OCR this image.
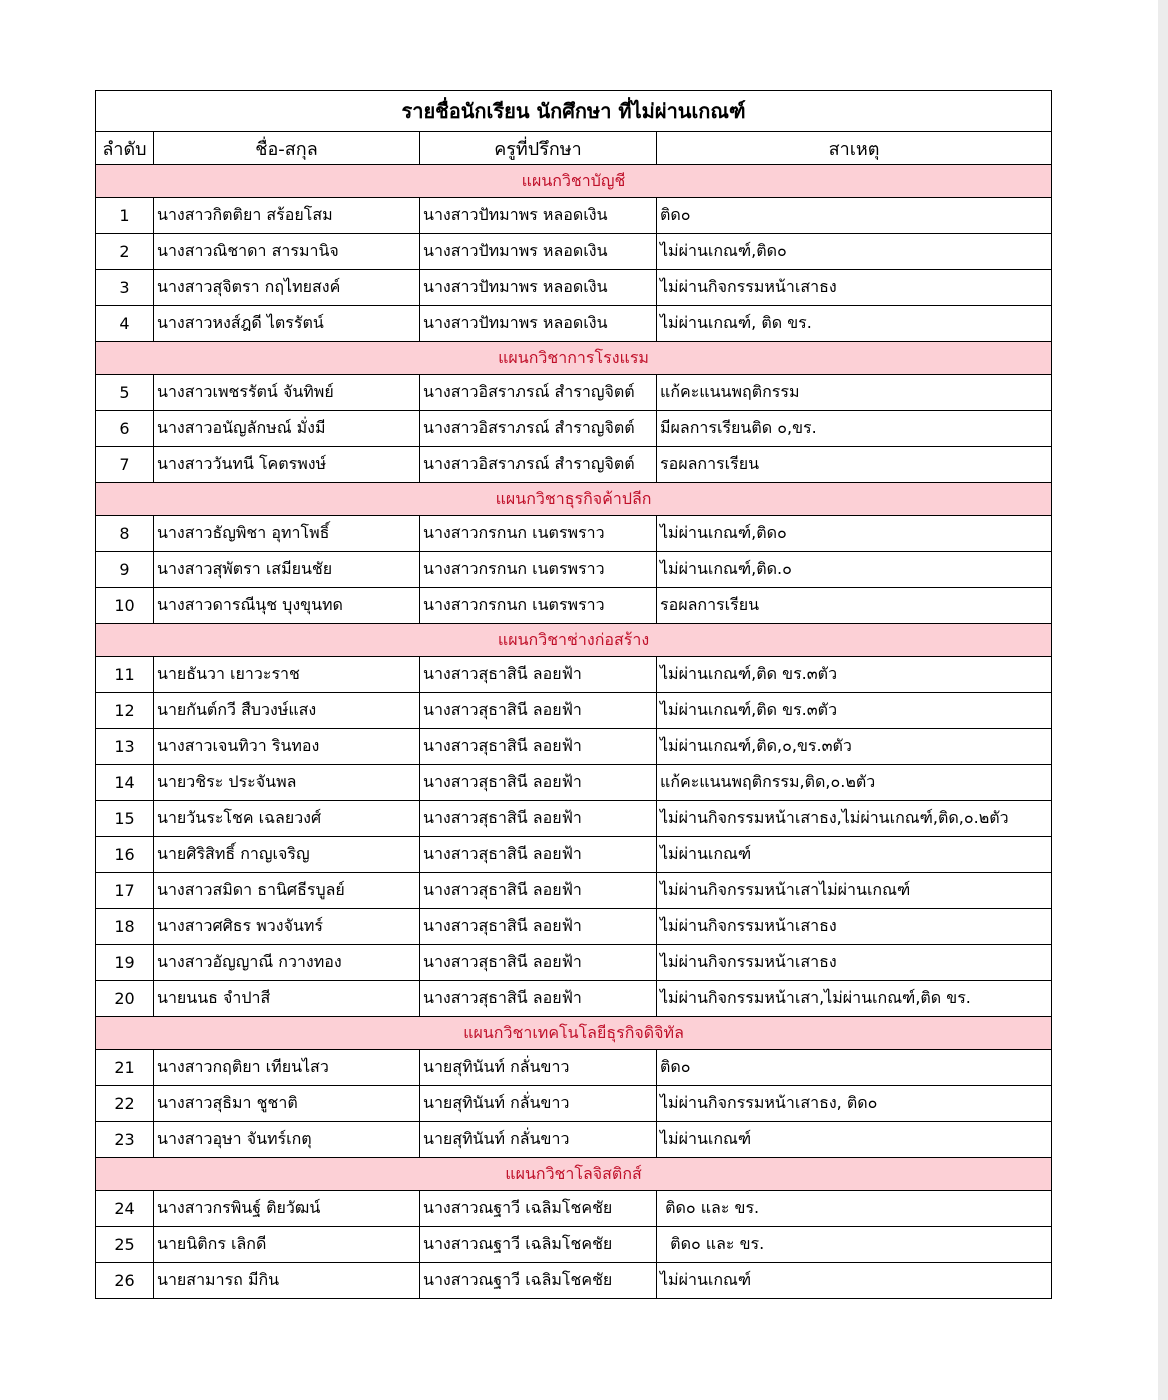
รายชื่อนักเรียน นักศึกษา ที่ไม่ผ่านเกณฑ์			
ลำดับ	ชื่อ-สกุล	ครูที่ปรึกษา	สาเหตุ
แผนกวิชาบัญชี			
1	นางสาวกิตติยา สร้อยโสม	นางสาวปัทมาพร หลอดเงิน	ติด๐
2	นางสาวณิชาดา สารมานิจ	นางสาวปัทมาพร หลอดเงิน	ไม่ผ่านเกณฑ์,ติด๐
3	นางสาวสุจิตรา กฤไทยสงค์	นางสาวปัทมาพร หลอดเงิน	ไม่ผ่านกิจกรรมหน้าเสาธง
4	นางสาวหงส์ฎดี ไตรรัตน์	นางสาวปัทมาพร หลอดเงิน	ไม่ผ่านเกณฑ์, ติด ขร.
แผนกวิชาการโรงแรม			
5	นางสาวเพชรรัตน์ จันทิพย์	นางสาวอิสราภรณ์ สำราญจิตต์	แก้คะแนนพฤติกรรม
6	นางสาวอนัญลักษณ์ มั่งมี	นางสาวอิสราภรณ์ สำราญจิตต์	มีผลการเรียนติด ๐,ขร.
7	นางสาววันทนี โคตรพงษ์	นางสาวอิสราภรณ์ สำราญจิตต์	รอผลการเรียน
แผนกวิชาธุรกิจค้าปลีก			
8	นางสาวธัญพิชา อุทาโพธิ์	นางสาวกรกนก เนตรพราว	ไม่ผ่านเกณฑ์,ติด๐
9	นางสาวสุพัตรา เสมียนชัย	นางสาวกรกนก เนตรพราว	ไม่ผ่านเกณฑ์,ติด.๐
10	นางสาวดารณีนุช บุงขุนทด	นางสาวกรกนก เนตรพราว	รอผลการเรียน
แผนกวิชาช่างก่อสร้าง			
11	นายธันวา เยาวะราช	นางสาวสุธาสินี ลอยฟ้า	ไม่ผ่านเกณฑ์,ติด ขร.๓ตัว
12	นายกันต์กวี สืบวงษ์แสง	นางสาวสุธาสินี ลอยฟ้า	ไม่ผ่านเกณฑ์,ติด ขร.๓ตัว
13	นางสาวเจนทิวา รินทอง	นางสาวสุธาสินี ลอยฟ้า	ไม่ผ่านเกณฑ์,ติด,๐,ขร.๓ตัว
14	นายวชิระ ประจันพล	นางสาวสุธาสินี ลอยฟ้า	แก้คะแนนพฤติกรรม,ติด,๐.๒ตัว
15	นายวันระโชค เฉลยวงศ์	นางสาวสุธาสินี ลอยฟ้า	ไม่ผ่านกิจกรรมหน้าเสาธง,ไม่ผ่านเกณฑ์,ติด,๐.๒ตัว
16	นายศิริสิทธิ์ กาญเจริญ	นางสาวสุธาสินี ลอยฟ้า	ไม่ผ่านเกณฑ์
17	นางสาวสมิดา ธานิศธีรบูลย์	นางสาวสุธาสินี ลอยฟ้า	ไม่ผ่านกิจกรรมหน้าเสาไม่ผ่านเกณฑ์
18	นางสาวศศิธร พวงจันทร์	นางสาวสุธาสินี ลอยฟ้า	ไม่ผ่านกิจกรรมหน้าเสาธง
19	นางสาวอัญญาณี กวางทอง	นางสาวสุธาสินี ลอยฟ้า	ไม่ผ่านกิจกรรมหน้าเสาธง
20	นายนนธ จำปาสี	นางสาวสุธาสินี ลอยฟ้า	ไม่ผ่านกิจกรรมหน้าเสา,ไม่ผ่านเกณฑ์,ติด ขร.
แผนกวิชาเทคโนโลยีธุรกิจดิจิทัล			
21	นางสาวกฤติยา เทียนไสว	นายสุทินันท์ กลั่นขาว	ติด๐
22	นางสาวสุธิมา ชูชาติ	นายสุทินันท์ กลั่นขาว	ไม่ผ่านกิจกรรมหน้าเสาธง, ติด๐
23	นางสาวอุษา จันทร์เกตุ	นายสุทินันท์ กลั่นขาว	ไม่ผ่านเกณฑ์
แผนกวิชาโลจิสติกส์			
24	นางสาวกรพินฐ์ ติยวัฒน์	นางสาวณฐาวี เฉลิมโชคชัย	ติด๐ และ ขร.
25	นายนิติกร เลิกดี	นางสาวณฐาวี เฉลิมโชคชัย	ติด๐ และ ขร.
26	นายสามารถ มีกิน	นางสาวณฐาวี เฉลิมโชคชัย	ไม่ผ่านเกณฑ์
